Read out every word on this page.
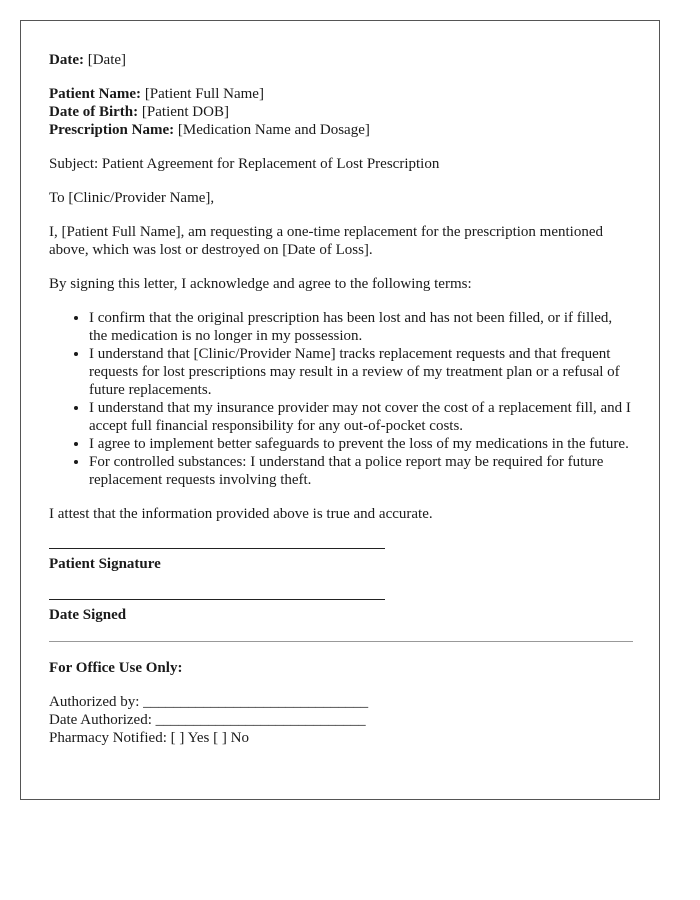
Date: [Date]

Patient Name: [Patient Full Name]

Date of Birth: [Patient DOB]

Prescription Name: [Medication Name and Dosage]

Subject: Patient Agreement for Replacement of Lost Prescription

To [Clinic/Provider Name],

I, [Patient Full Name], am requesting a one-time replacement for the prescription mentioned above, which was lost or destroyed on [Date of Loss].

By signing this letter, I acknowledge and agree to the following terms:

• I confirm that the original prescription has been lost and has not been filled, or if filled, the medication is no longer in my possession.
• I understand that [Clinic/Provider Name] tracks replacement requests and that frequent requests for lost prescriptions may result in a review of my treatment plan or a refusal of future replacements.
• I understand that my insurance provider may not cover the cost of a replacement fill, and I accept full financial responsibility for any out-of-pocket costs.
• I agree to implement better safeguards to prevent the loss of my medications in the future.
• For controlled substances: I understand that a police report may be required for future replacement requests involving theft.

I attest that the information provided above is true and accurate.

Patient Signature

Date Signed

For Office Use Only:

Authorized by: ______________________________

Date Authorized: ____________________________

Pharmacy Notified: [ ] Yes [ ] No
